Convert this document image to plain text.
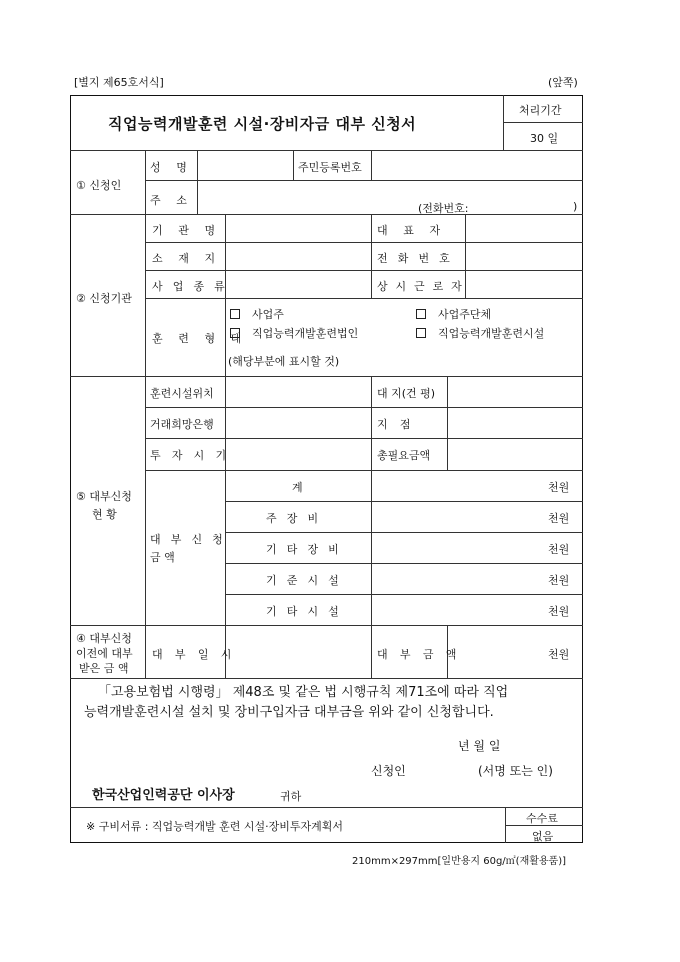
[별지 제65호서식]	(앞쪽)
직업능력개발훈련 시설·장비자금 대부 신청서
처리기간
30 일
① 신청인
성 명	주민등록번호
주 소
(전화번호:	)
② 신청기관
기 관 명	대 표 자
소 재 지	전 화 번 호
사 업 종 류	상 시 근 로 자
훈 련 형 태
사업주	사업주단체
직업능력개발훈련법인	직업능력개발훈련시설
(해당부분에 표시할 것)
⑤ 대부신청
현 황
훈련시설위치	대 지(건 평)
거래희망은행	지 점
투 자 시 기	총필요금액
대 부 신 청
금 액
계	천원
주 장 비	천원
기 타 장 비	천원
기 준 시 설	천원
기 타 시 설	천원
④ 대부신청
이전에 대부
받은 금 액
대 부 일 시	대 부 금 액	천원
「고용보험법 시행령」 제48조 및 같은 법 시행규칙 제71조에 따라 직업
능력개발훈련시설 설치 및 장비구입자금 대부금을 위와 같이 신청합니다.
년 월 일
신청인	(서명 또는 인)
한국산업인력공단 이사장	귀하
※ 구비서류 : 직업능력개발 훈련 시설·장비투자계획서
수수료
없음
210mm×297mm[일반용지 60g/㎡(재활용품)]
